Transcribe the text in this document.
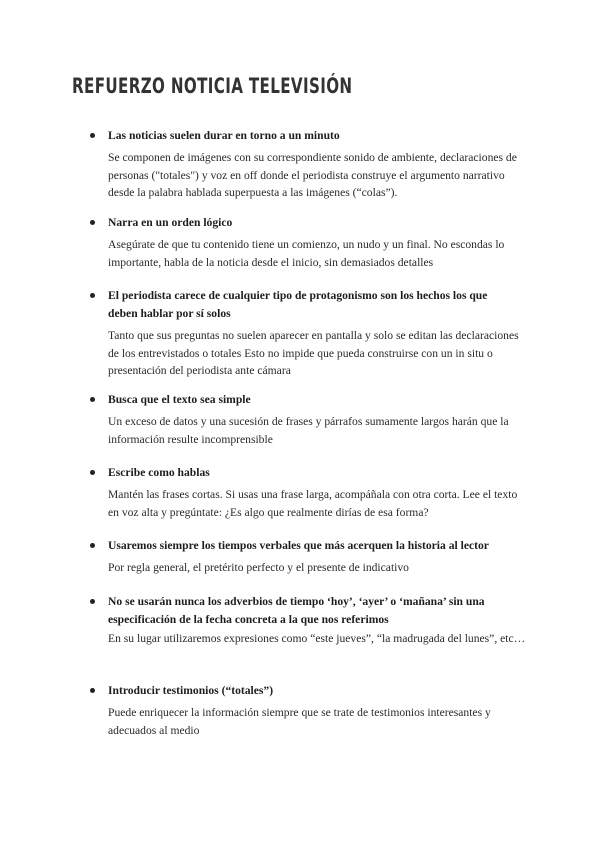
REFUERZO NOTICIA TELEVISIÓN
Las noticias suelen durar en torno a un minuto
Se componen de imágenes con su correspondiente sonido de ambiente, declaraciones de personas ("totales") y voz en off donde el periodista construye el argumento narrativo desde la palabra hablada superpuesta a las imágenes (“colas”).
Narra en un orden lógico
Asegúrate de que tu contenido tiene un comienzo, un nudo y un final. No escondas lo importante, habla de la noticia desde el inicio, sin demasiados detalles
El periodista carece de cualquier tipo de protagonismo son los hechos los que deben hablar por sí solos
Tanto que sus preguntas no suelen aparecer en pantalla y solo se editan las declaraciones de los entrevistados o totales Esto no impide que pueda construirse con un in situ o presentación del periodista ante cámara
Busca que el texto sea simple
Un exceso de datos y una sucesión de frases y párrafos sumamente largos harán que la información resulte incomprensible
Escribe como hablas
Mantén las frases cortas. Si usas una frase larga, acompáñala con otra corta. Lee el texto en voz alta y pregúntate: ¿Es algo que realmente dirías de esa forma?
Usaremos siempre los tiempos verbales que más acerquen la historia al lector
Por regla general, el pretérito perfecto y el presente de indicativo
No se usarán nunca los adverbios de tiempo ‘hoy’, ‘ayer’ o ‘mañana’ sin una especificación de la fecha concreta a la que nos referimos
En su lugar utilizaremos expresiones como “este jueves”, “la madrugada del lunes”, etc…
Introducir testimonios (“totales”)
Puede enriquecer la información siempre que se trate de testimonios interesantes y adecuados al medio
